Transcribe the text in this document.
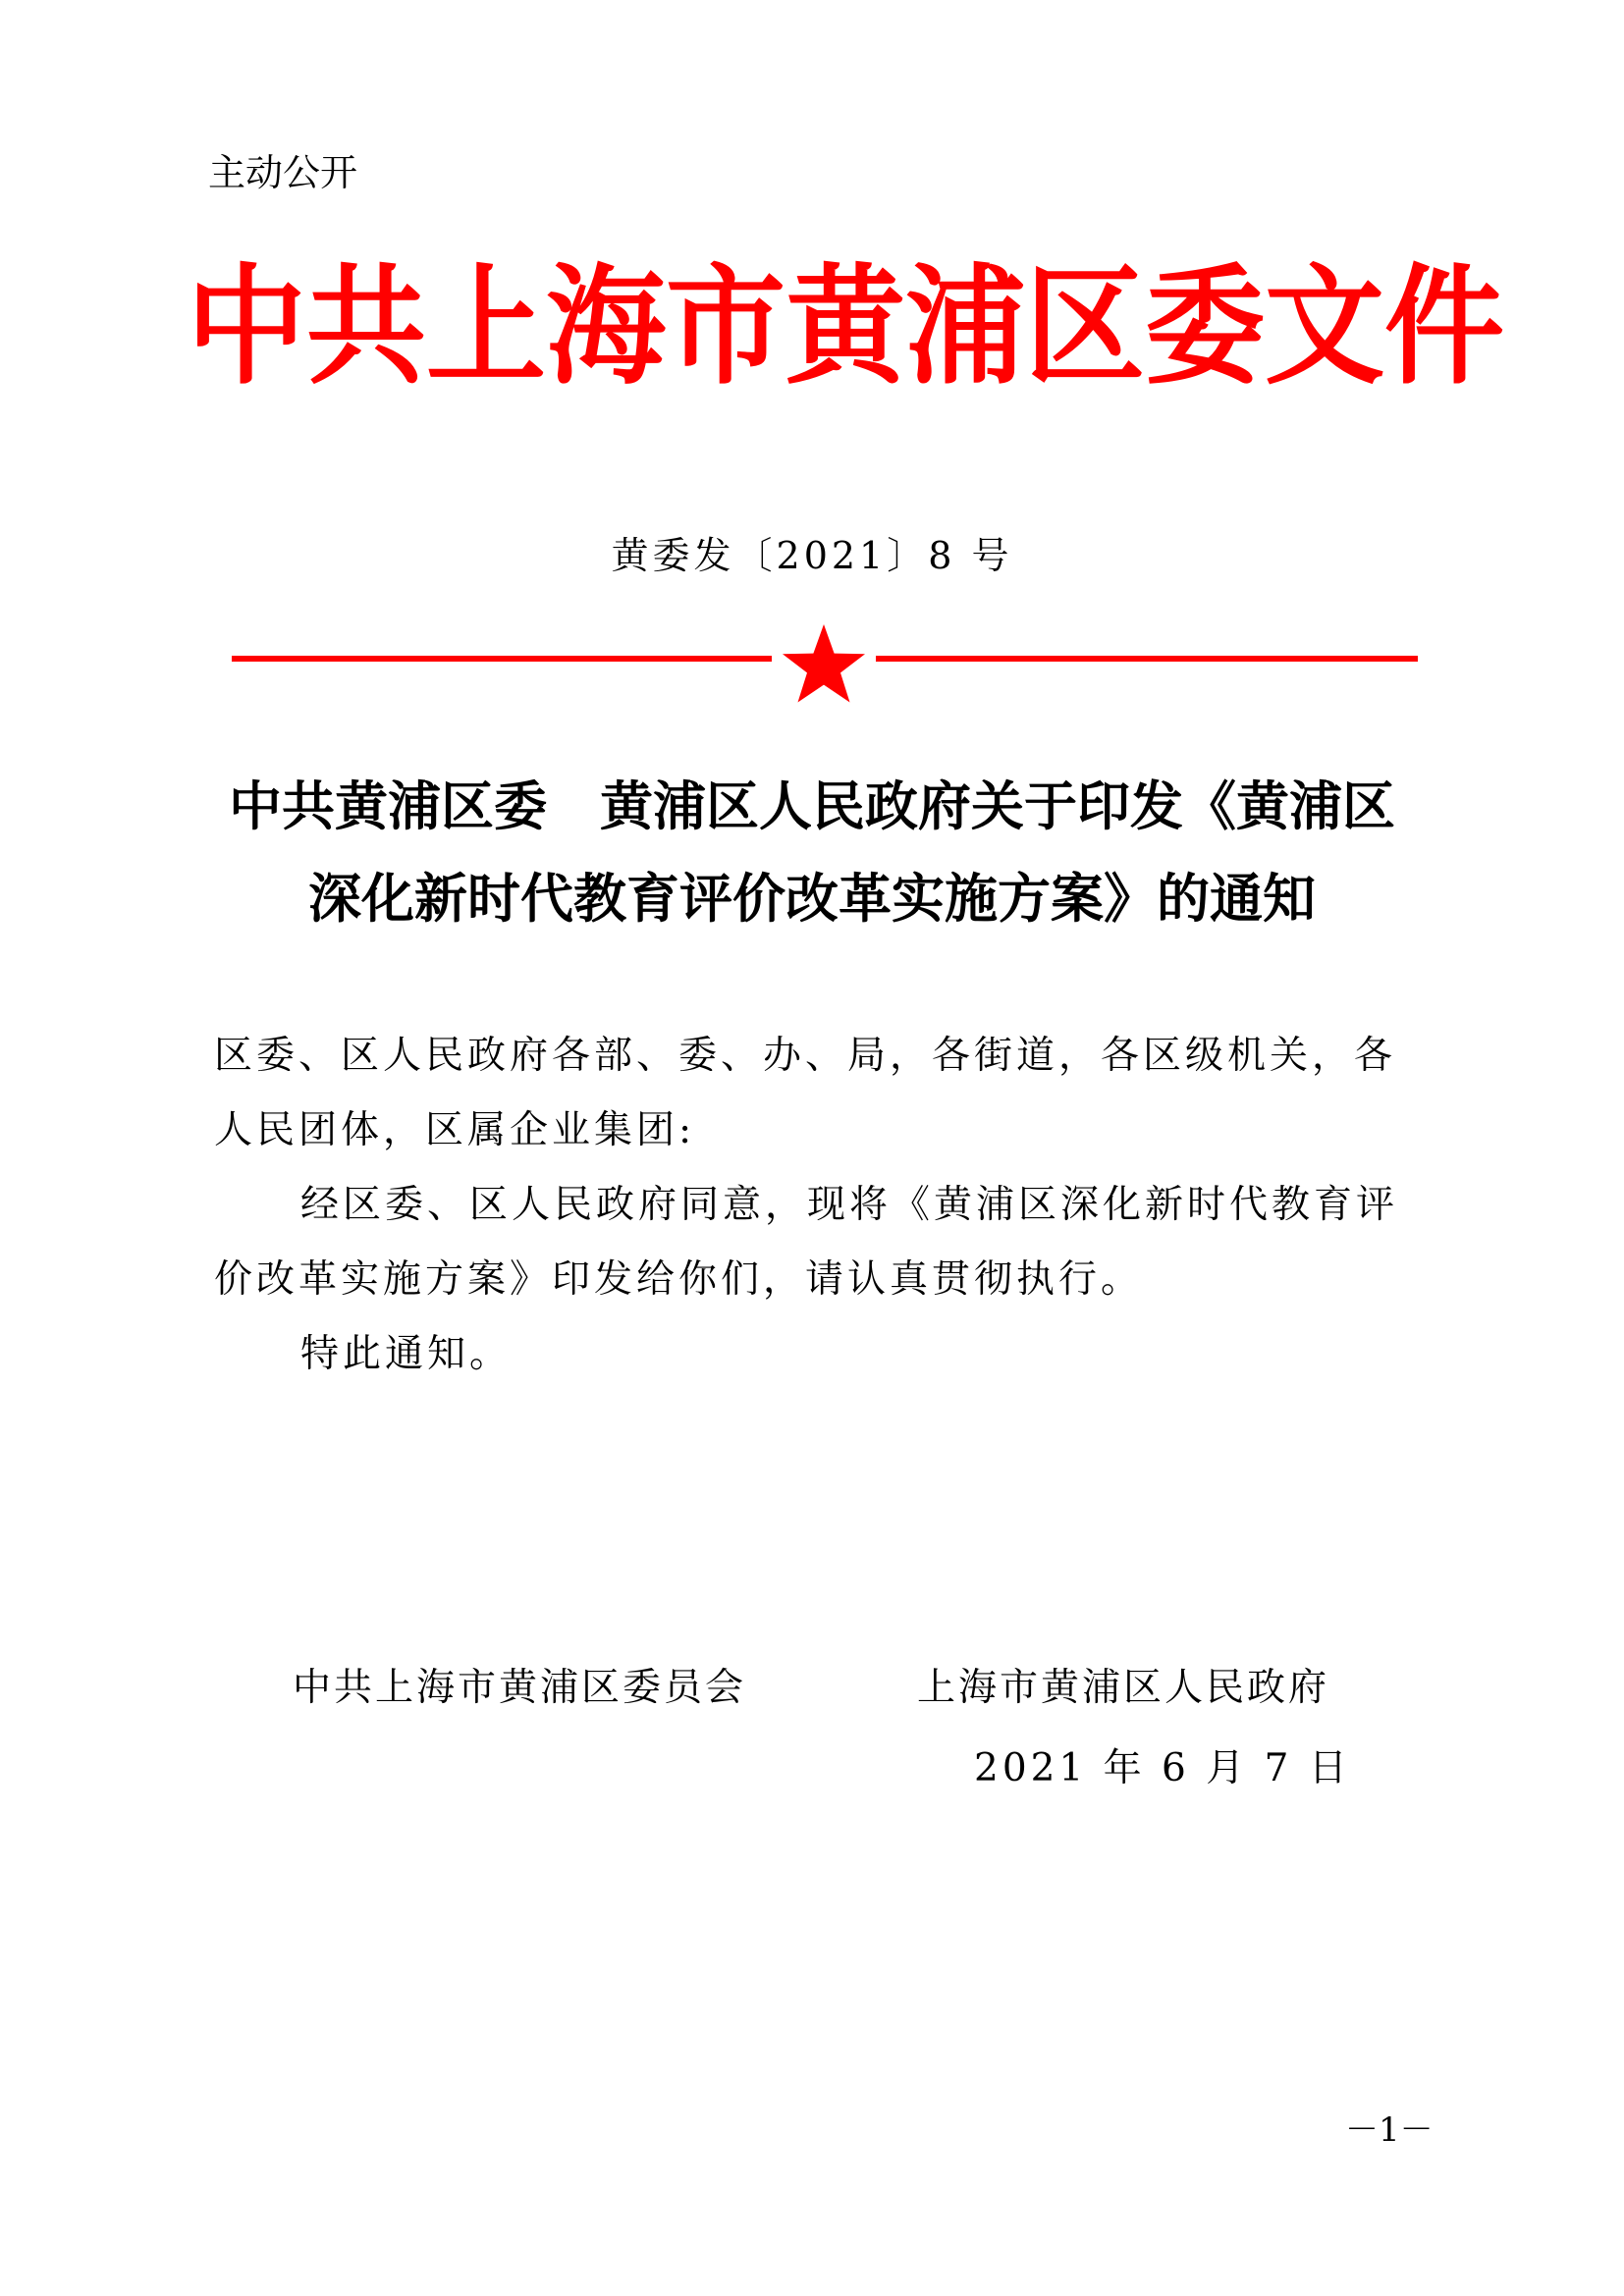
主动公开
中 共 上 海 市 黄 浦 区 委 文 件
黄委发〔2021〕8 号
中共黄浦区委　黄浦区人民政府关于印发《黄浦区
深化新时代教育评价改革实施方案》的通知
区委、区人民政府各部、委、办、局，各街道，各区级机关，各人民团体，区属企业集团:
经区委、区人民政府同意，现将《黄浦区深化新时代教育评价改革实施方案》印发给你们，请认真贯彻执行。
特此通知。
中共上海市黄浦区委员会	上海市黄浦区人民政府
2021 年 6 月 7 日
－1－
